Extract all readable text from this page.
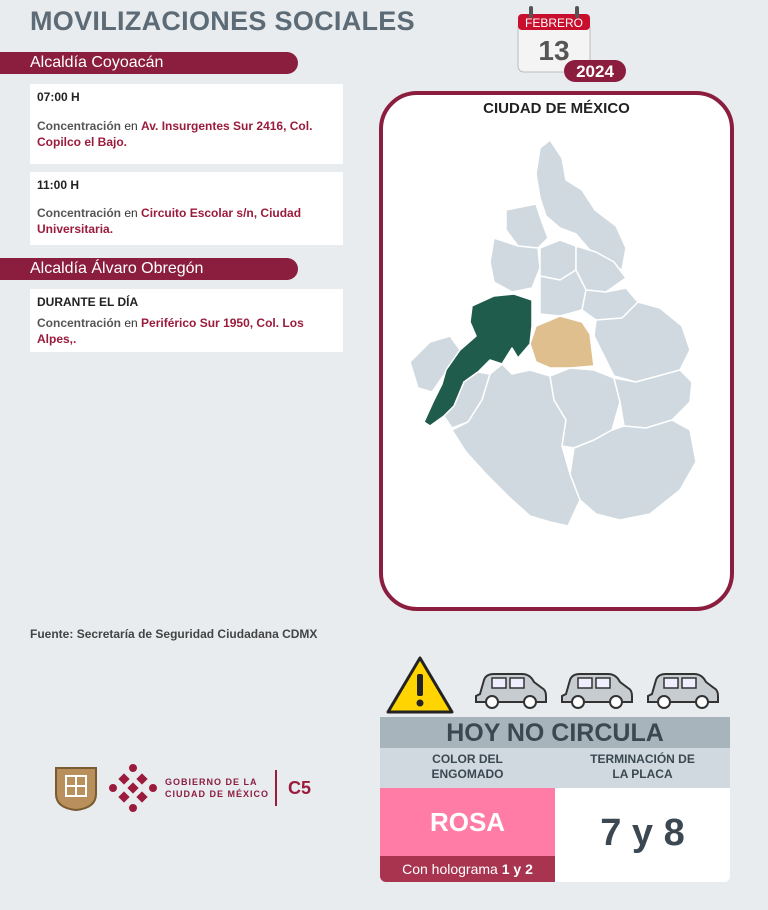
MOVILIZACIONES SOCIALES	FEBRERO
13
2024
Alcaldía Coyoacán
07:00 H
Concentración en Av. Insurgentes Sur 2416, Col. Copilco el Bajo.
11:00 H
Concentración en Circuito Escolar s/n, Ciudad Universitaria.
Alcaldía Álvaro Obregón
DURANTE EL DÍA
Concentración en Periférico Sur 1950, Col. Los Alpes,.
CIUDAD DE MÉXICO
Fuente: Secretaría de Seguridad Ciudadana CDMX
HOY NO CIRCULA
COLOR DEL
ENGOMADO
TERMINACIÓN DE
LA PLACA
ROSA
Con holograma 1 y 2
7 y 8
GOBIERNO DE LA
CIUDAD DE MÉXICO C5
